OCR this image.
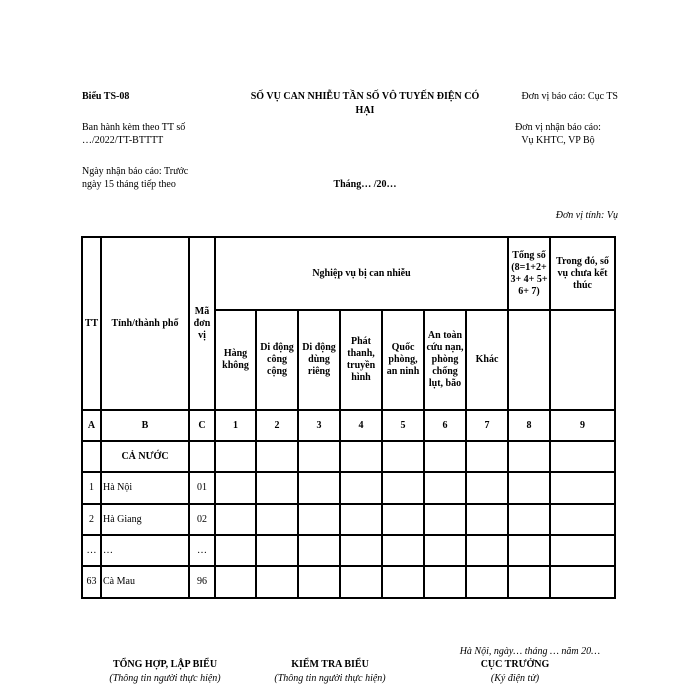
Biểu TS-08
Ban hành kèm theo TT số
…/2022/TT-BTTTT
Ngày nhận báo cáo: Trước
ngày 15 tháng tiếp theo
SỐ VỤ CAN NHIỄU TẦN SỐ VÔ TUYẾN ĐIỆN CÓ
HẠI
Tháng… /20…
Đơn vị báo cáo: Cục TS
Đơn vị nhận báo cáo:
Vụ KHTC, VP Bộ
Đơn vị tính: Vụ
TT	Tỉnh/thành phố	Mã đơn vị	Nghiệp vụ bị can nhiễu							Tổng số (8=1+2+ 3+ 4+ 5+ 6+ 7)	Trong đó, số vụ chưa kết thúc
			Hàng không	Di động công cộng	Di động dùng riêng	Phát thanh, truyền hình	Quốc phòng, an ninh	An toàn cứu nạn, phòng chống lụt, bão	Khác		
A	B	C	1	2	3	4	5	6	7	8	9
	CẢ NƯỚC										
1	Hà Nội	01									
2	Hà Giang	02									
…	…	…									
63	Cà Mau	96									
Hà Nội, ngày… tháng … năm 20…
TỔNG HỢP, LẬP BIỂU
(Thông tin người thực hiện)
KIỂM TRA BIỂU
(Thông tin người thực hiện)
CỤC TRƯỞNG
(Ký điện tử)
